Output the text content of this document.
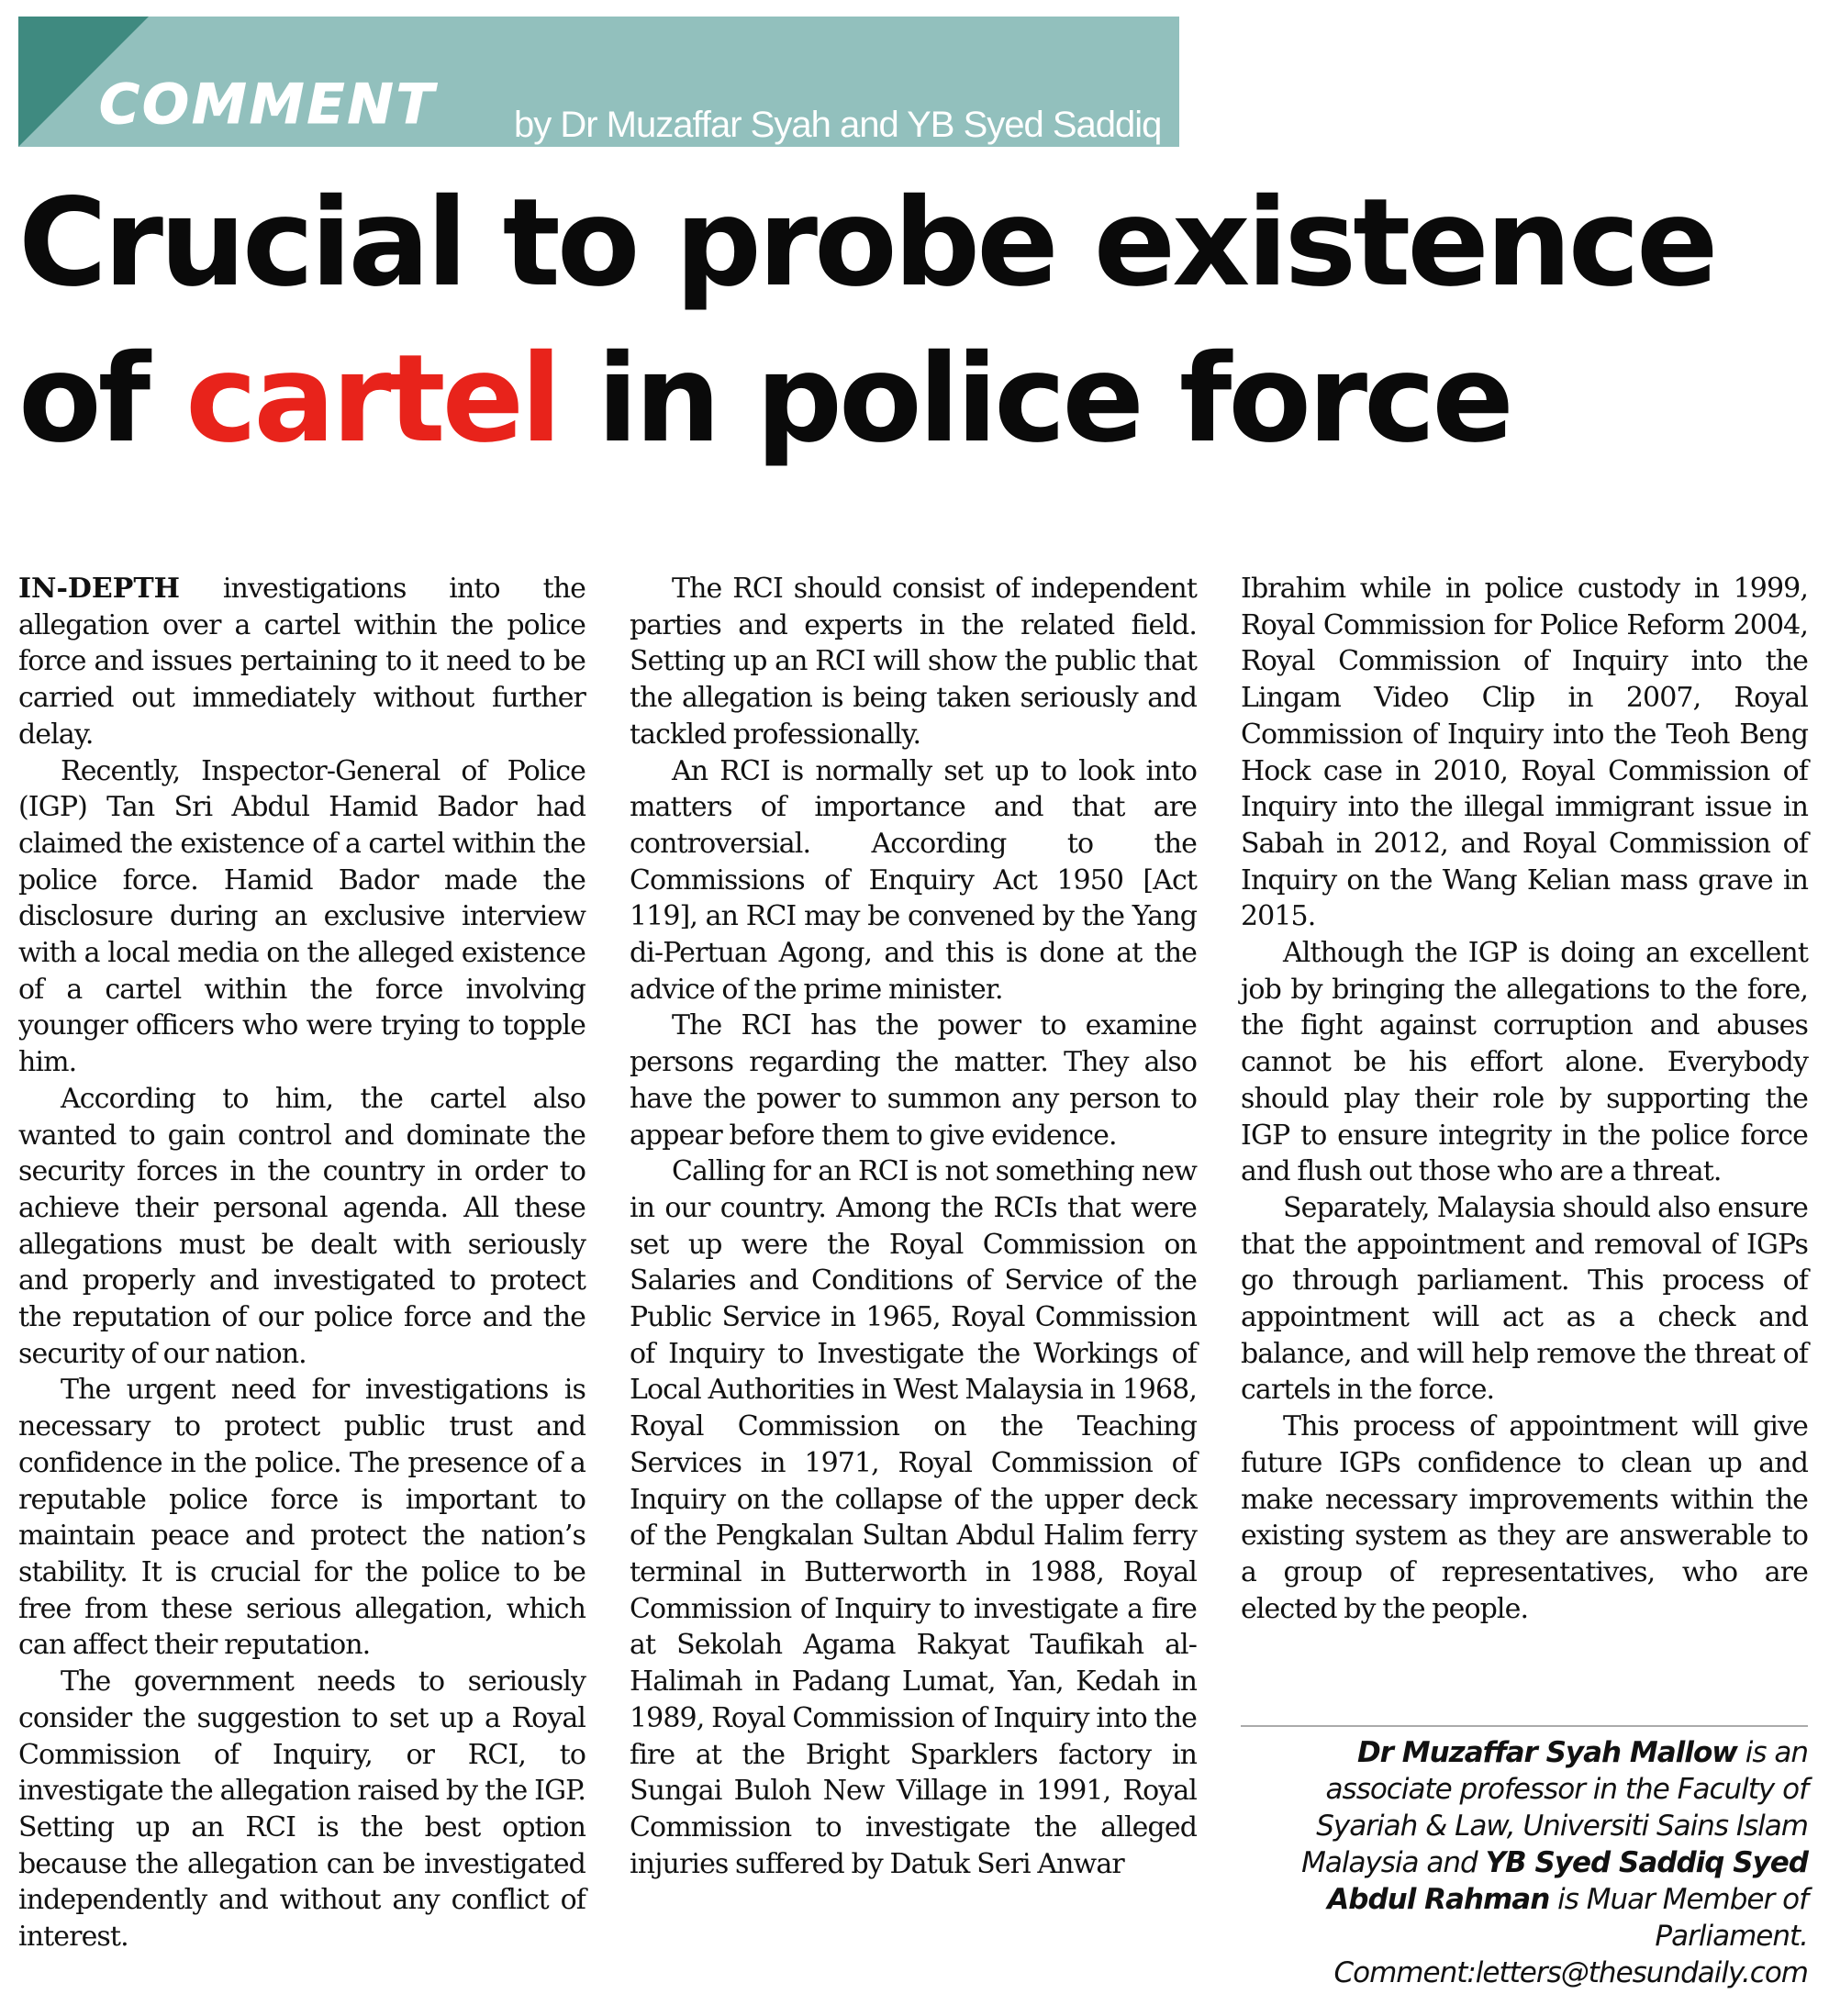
COMMENT by Dr Muzaffar Syah and YB Syed Saddiq
Crucial to probe existence
of cartel in police force

IN-DEPTH investigations into the allegation over a cartel within the police force and issues pertaining to it need to be carried out immediately without further delay.

Recently, Inspector-General of Police (IGP) Tan Sri Abdul Hamid Bador had claimed the existence of a cartel within the police force. Hamid Bador made the disclosure during an exclusive interview with a local media on the alleged existence of a cartel within the force involving younger officers who were trying to topple him.

According to him, the cartel also wanted to gain control and dominate the security forces in the country in order to achieve their personal agenda. All these allegations must be dealt with seriously and properly and investigated to protect the reputation of our police force and the security of our nation.

The urgent need for investigations is necessary to protect public trust and confidence in the police. The presence of a reputable police force is important to maintain peace and protect the nation’s stability. It is crucial for the police to be free from these serious allegation, which can affect their reputation.

The government needs to seriously consider the suggestion to set up a Royal Commission of Inquiry, or RCI, to investigate the allegation raised by the IGP. Setting up an RCI is the best option because the allegation can be investigated independently and without any conflict of interest.

The RCI should consist of independent parties and experts in the related field. Setting up an RCI will show the public that the allegation is being taken seriously and tackled professionally.

An RCI is normally set up to look into matters of importance and that are controversial. According to the Commissions of Enquiry Act 1950 [Act 119], an RCI may be convened by the Yang di-Pertuan Agong, and this is done at the advice of the prime minister.

The RCI has the power to examine persons regarding the matter. They also have the power to summon any person to appear before them to give evidence.

Calling for an RCI is not something new in our country. Among the RCIs that were set up were the Royal Commission on Salaries and Conditions of Service of the Public Service in 1965, Royal Commission of Inquiry to Investigate the Workings of Local Authorities in West Malaysia in 1968, Royal Commission on the Teaching Services in 1971, Royal Commission of Inquiry on the collapse of the upper deck of the Pengkalan Sultan Abdul Halim ferry terminal in Butterworth in 1988, Royal Commission of Inquiry to investigate a fire at Sekolah Agama Rakyat Taufikah al-Halimah in Padang Lumat, Yan, Kedah in 1989, Royal Commission of Inquiry into the fire at the Bright Sparklers factory in Sungai Buloh New Village in 1991, Royal Commission to investigate the alleged injuries suffered by Datuk Seri Anwar

Ibrahim while in police custody in 1999, Royal Commission for Police Reform 2004, Royal Commission of Inquiry into the Lingam Video Clip in 2007, Royal Commission of Inquiry into the Teoh Beng Hock case in 2010, Royal Commission of Inquiry into the illegal immigrant issue in Sabah in 2012, and Royal Commission of Inquiry on the Wang Kelian mass grave in 2015.

Although the IGP is doing an excellent job by bringing the allegations to the fore, the fight against corruption and abuses cannot be his effort alone. Everybody should play their role by supporting the IGP to ensure integrity in the police force and flush out those who are a threat.

Separately, Malaysia should also ensure that the appointment and removal of IGPs go through parliament. This process of appointment will act as a check and balance, and will help remove the threat of cartels in the force.

This process of appointment will give future IGPs confidence to clean up and make necessary improvements within the existing system as they are answerable to a group of representatives, who are elected by the people.

Dr Muzaffar Syah Mallow is an associate professor in the Faculty of Syariah & Law, Universiti Sains Islam Malaysia and YB Syed Saddiq Syed Abdul Rahman is Muar Member of Parliament.

Comment:letters@thesundaily.com
